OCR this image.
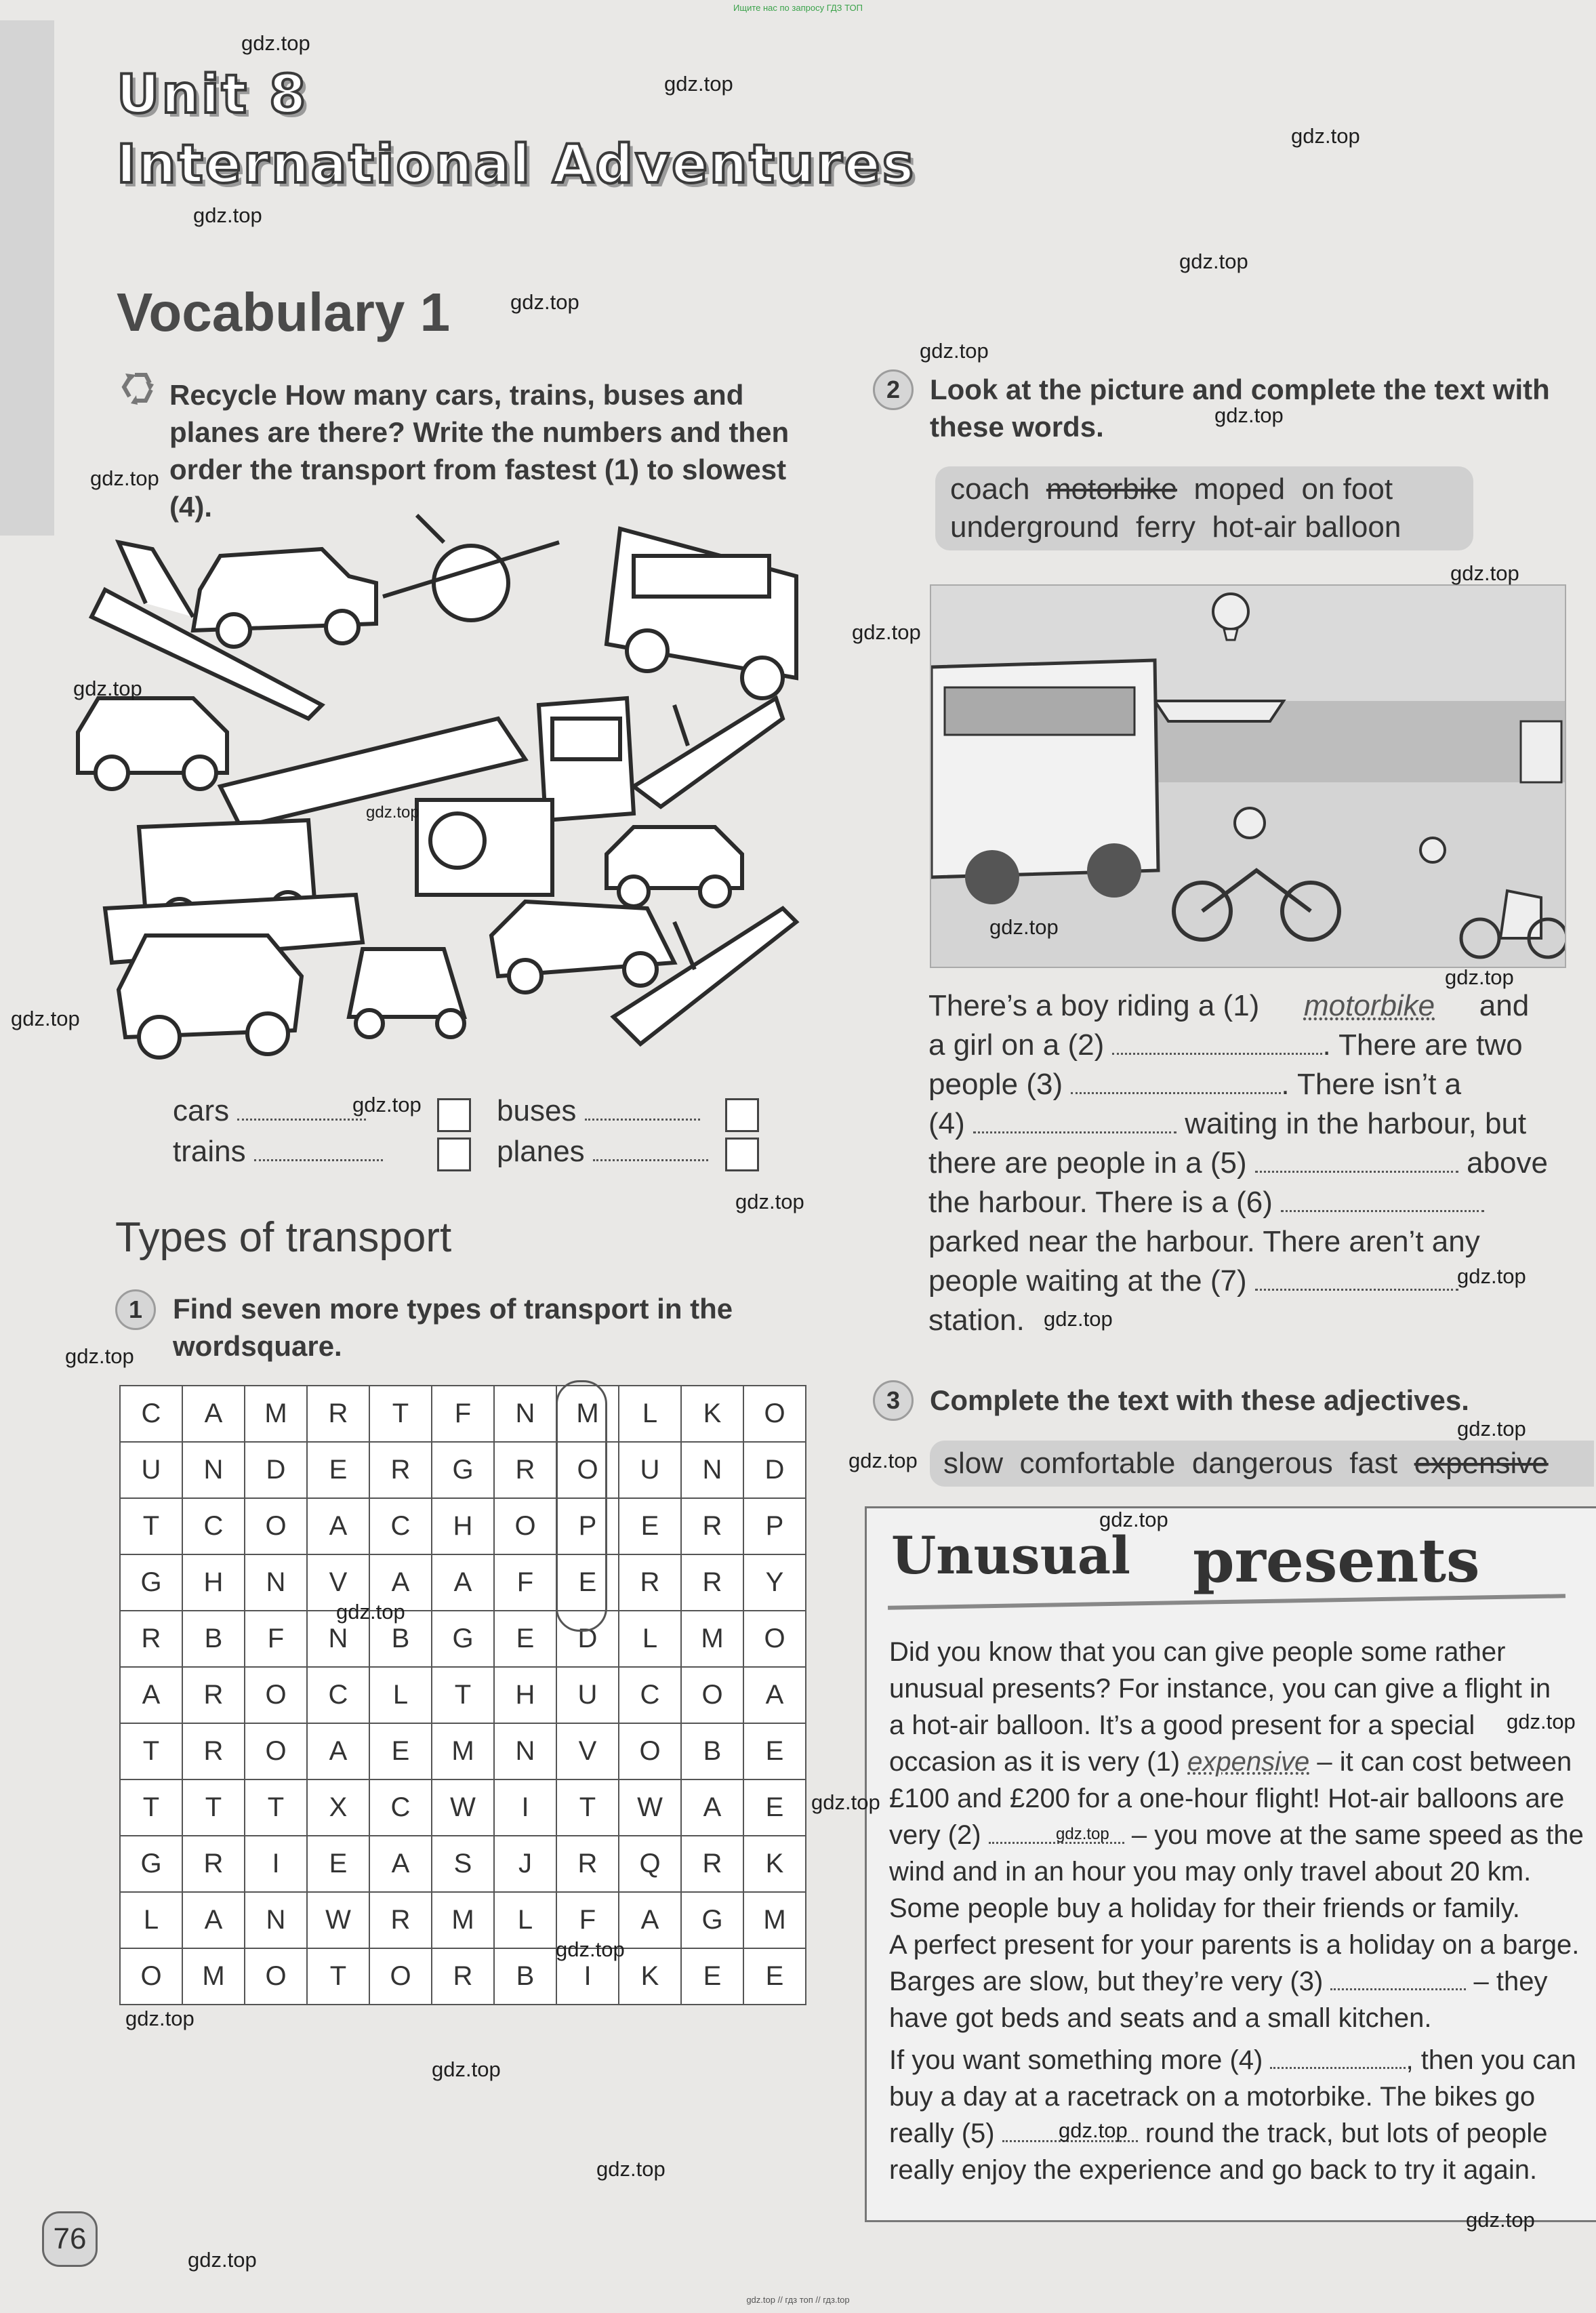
Ищите нас по запросу ГДЗ ТОП
Unit 8
International Adventures
Vocabulary 1
Recycle How many cars, trains, buses and planes are there? Write the numbers and then order the transport from fastest (1) to slowest (4).
cars	buses
trains	planes
Types of transport
1	Find seven more types of transport in the wordsquare.
C	A	M	R	T	F	N	M	L	K	O
U	N	D	E	R	G	R	O	U	N	D
T	C	O	A	C	H	O	P	E	R	P
G	H	N	V	A	A	F	E	R	R	Y
R	B	F	N	B	G	E	D	L	M	O
A	R	O	C	L	T	H	U	C	O	A
T	R	O	A	E	M	N	V	O	B	E
T	T	T	X	C	W	I	T	W	A	E
G	R	I	E	A	S	J	R	Q	R	K
L	A	N	W	R	M	L	F	A	G	M
O	M	O	T	O	R	B	I	K	E	E
2	Look at the picture and complete the text with these words.
coach motorbike moped on foot
underground ferry hot-air balloon
There’s a boy riding a (1) motorbike and
a girl on a (2)	. There are two
people (3)	. There isn’t a
(4)	waiting in the harbour, but
there are people in a (5)	above
the harbour. There is a (6)
parked near the harbour. There aren’t any
people waiting at the (7)
station.
3	Complete the text with these adjectives.
slow comfortable dangerous fast expensive
Unusual presents
Did you know that you can give people some rather
unusual presents? For instance, you can give a flight in
a hot-air balloon. It’s a good present for a special
occasion as it is very (1) expensive – it can cost between
£100 and £200 for a one-hour flight! Hot-air balloons are
very (2)	– you move at the same speed as the
wind and in an hour you may only travel about 20 km.
Some people buy a holiday for their friends or family.
A perfect present for your parents is a holiday on a barge.
Barges are slow, but they’re very (3)	– they
have got beds and seats and a small kitchen.
If you want something more (4)	, then you can
buy a day at a racetrack on a motorbike. The bikes go
really (5)	round the track, but lots of people
really enjoy the experience and go back to try it again.
76
gdz.top
gdz.top
gdz.top
gdz.top
gdz.top
gdz.top
gdz.top
gdz.top
gdz.top
gdz.top
gdz.top
gdz.top
gdz.top
gdz.top
gdz.top
gdz.top
gdz.top
gdz.top
gdz.top
gdz.top
gdz.top
gdz.top
gdz.top
gdz.top
gdz.top
gdz.top
gdz.top
gdz.top
gdz.top
gdz.top
gdz.top
gdz.top
gdz.top
gdz.top
gdz.top
gdz.top // гдз топ // гдз.top
